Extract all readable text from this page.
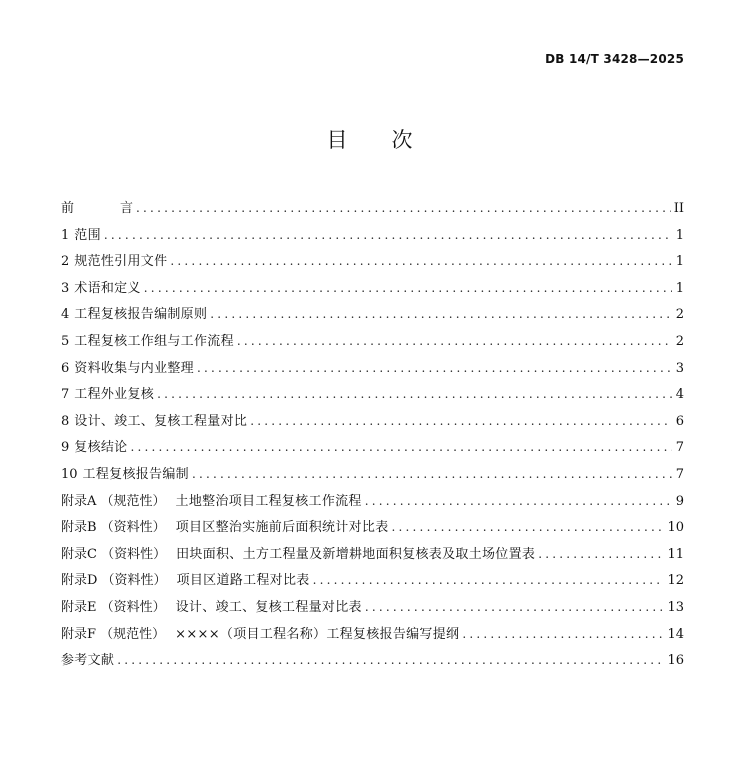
DB 14/T 3428—2025
目 次
前	言 .....	II
1 范围 .....	1
2 规范性引用文件 .....	1
3 术语和定义 .....	1
4 工程复核报告编制原则 .....	2
5 工程复核工作组与工作流程 .....	2
6 资料收集与内业整理 .....	3
7 工程外业复核 .....	4
8 设计、竣工、复核工程量对比 .....	6
9 复核结论 .....	7
10 工程复核报告编制 .....	7
附录A （规范性） 土地整治项目工程复核工作流程 .....	9
附录B （资料性） 项目区整治实施前后面积统计对比表 .....	10
附录C （资料性） 田块面积、土方工程量及新增耕地面积复核表及取土场位置表 .....	11
附录D （资料性） 项目区道路工程对比表 .....	12
附录E （资料性） 设计、竣工、复核工程量对比表 .....	13
附录F （规范性） ××××（项目工程名称）工程复核报告编写提纲 .....	14
参考文献 .....	16
